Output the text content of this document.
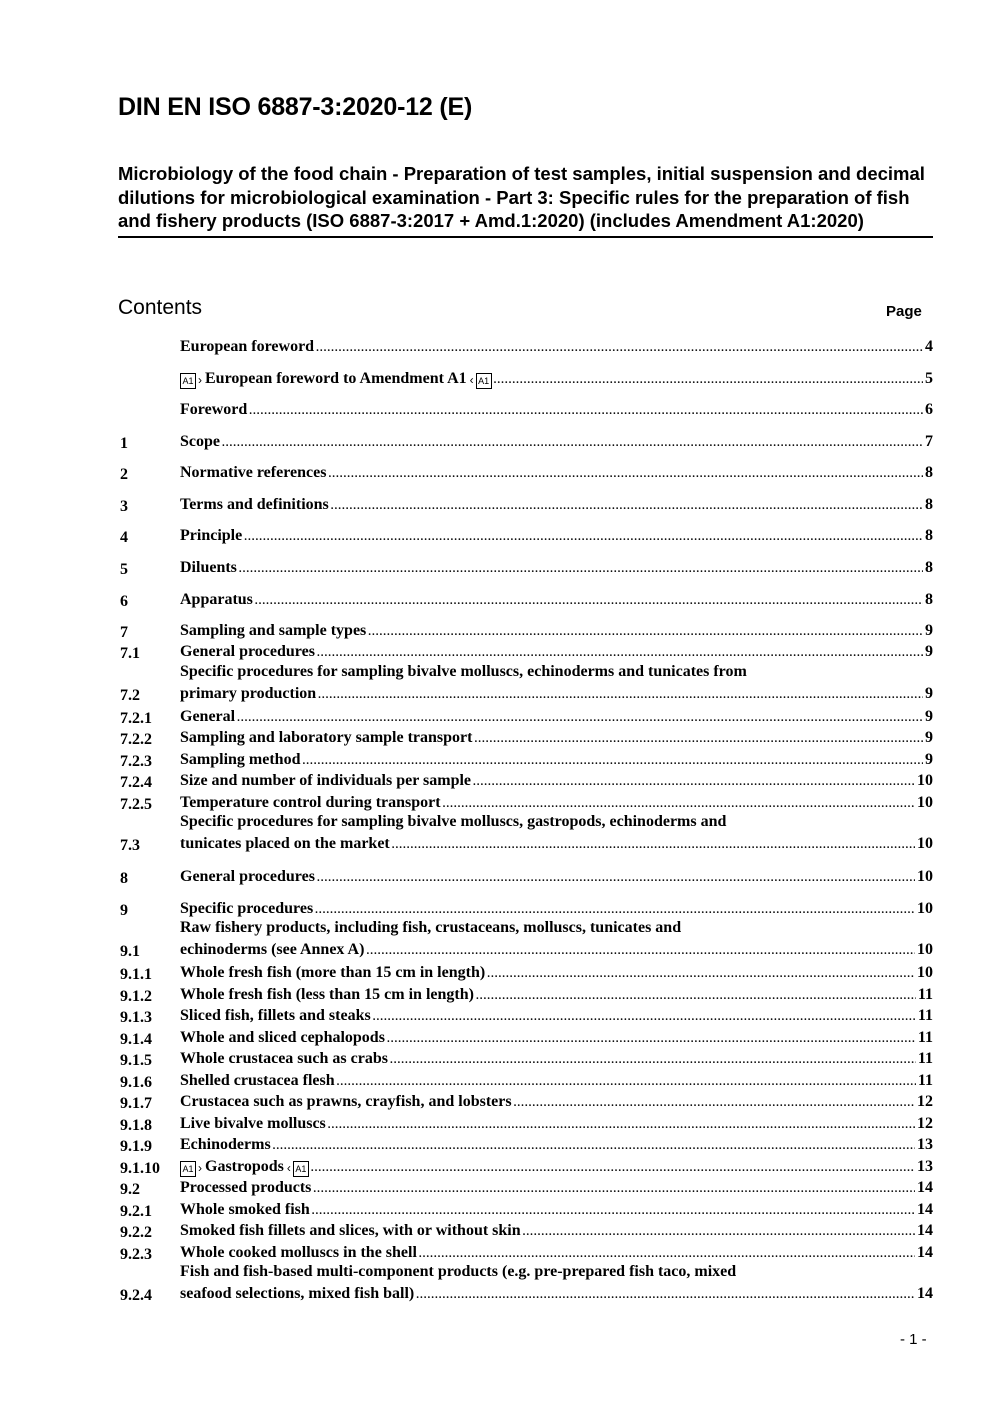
DIN EN ISO 6887-3:2020-12 (E)
Microbiology of the food chain - Preparation of test samples, initial suspension and decimal dilutions for microbiological examination - Part 3: Specific rules for the preparation of fish and fishery products (ISO 6887-3:2017 + Amd.1:2020) (includes Amendment A1:2020)
Contents	Page
European foreword .....	4
A1 › European foreword to Amendment A1 ‹ A1 .....	5
Foreword .....	6
1	Scope .....	7
2	Normative references .....	8
3	Terms and definitions .....	8
4	Principle .....	8
5	Diluents .....	8
6	Apparatus .....	8
7	Sampling and sample types .....	9
7.1	General procedures .....	9
7.2
Specific procedures for sampling bivalve molluscs, echinoderms and tunicates from
primary production .....	9
7.2.1	General .....	9
7.2.2	Sampling and laboratory sample transport .....	9
7.2.3	Sampling method .....	9
7.2.4	Size and number of individuals per sample .....	10
7.2.5	Temperature control during transport .....	10
7.3
Specific procedures for sampling bivalve molluscs, gastropods, echinoderms and
tunicates placed on the market .....	10
8	General procedures .....	10
9	Specific procedures .....	10
9.1
Raw fishery products, including fish, crustaceans, molluscs, tunicates and
echinoderms (see Annex A) .....	10
9.1.1	Whole fresh fish (more than 15 cm in length) .....	10
9.1.2	Whole fresh fish (less than 15 cm in length) .....	11
9.1.3	Sliced fish, fillets and steaks .....	11
9.1.4	Whole and sliced cephalopods .....	11
9.1.5	Whole crustacea such as crabs .....	11
9.1.6	Shelled crustacea flesh .....	11
9.1.7	Crustacea such as prawns, crayfish, and lobsters .....	12
9.1.8	Live bivalve molluscs .....	12
9.1.9	Echinoderms .....	13
9.1.10	A1 › Gastropods ‹ A1 .....	13
9.2	Processed products .....	14
9.2.1	Whole smoked fish .....	14
9.2.2	Smoked fish fillets and slices, with or without skin .....	14
9.2.3	Whole cooked molluscs in the shell .....	14
9.2.4
Fish and fish-based multi-component products (e.g. pre-prepared fish taco, mixed
seafood selections, mixed fish ball) .....	14
- 1 -
